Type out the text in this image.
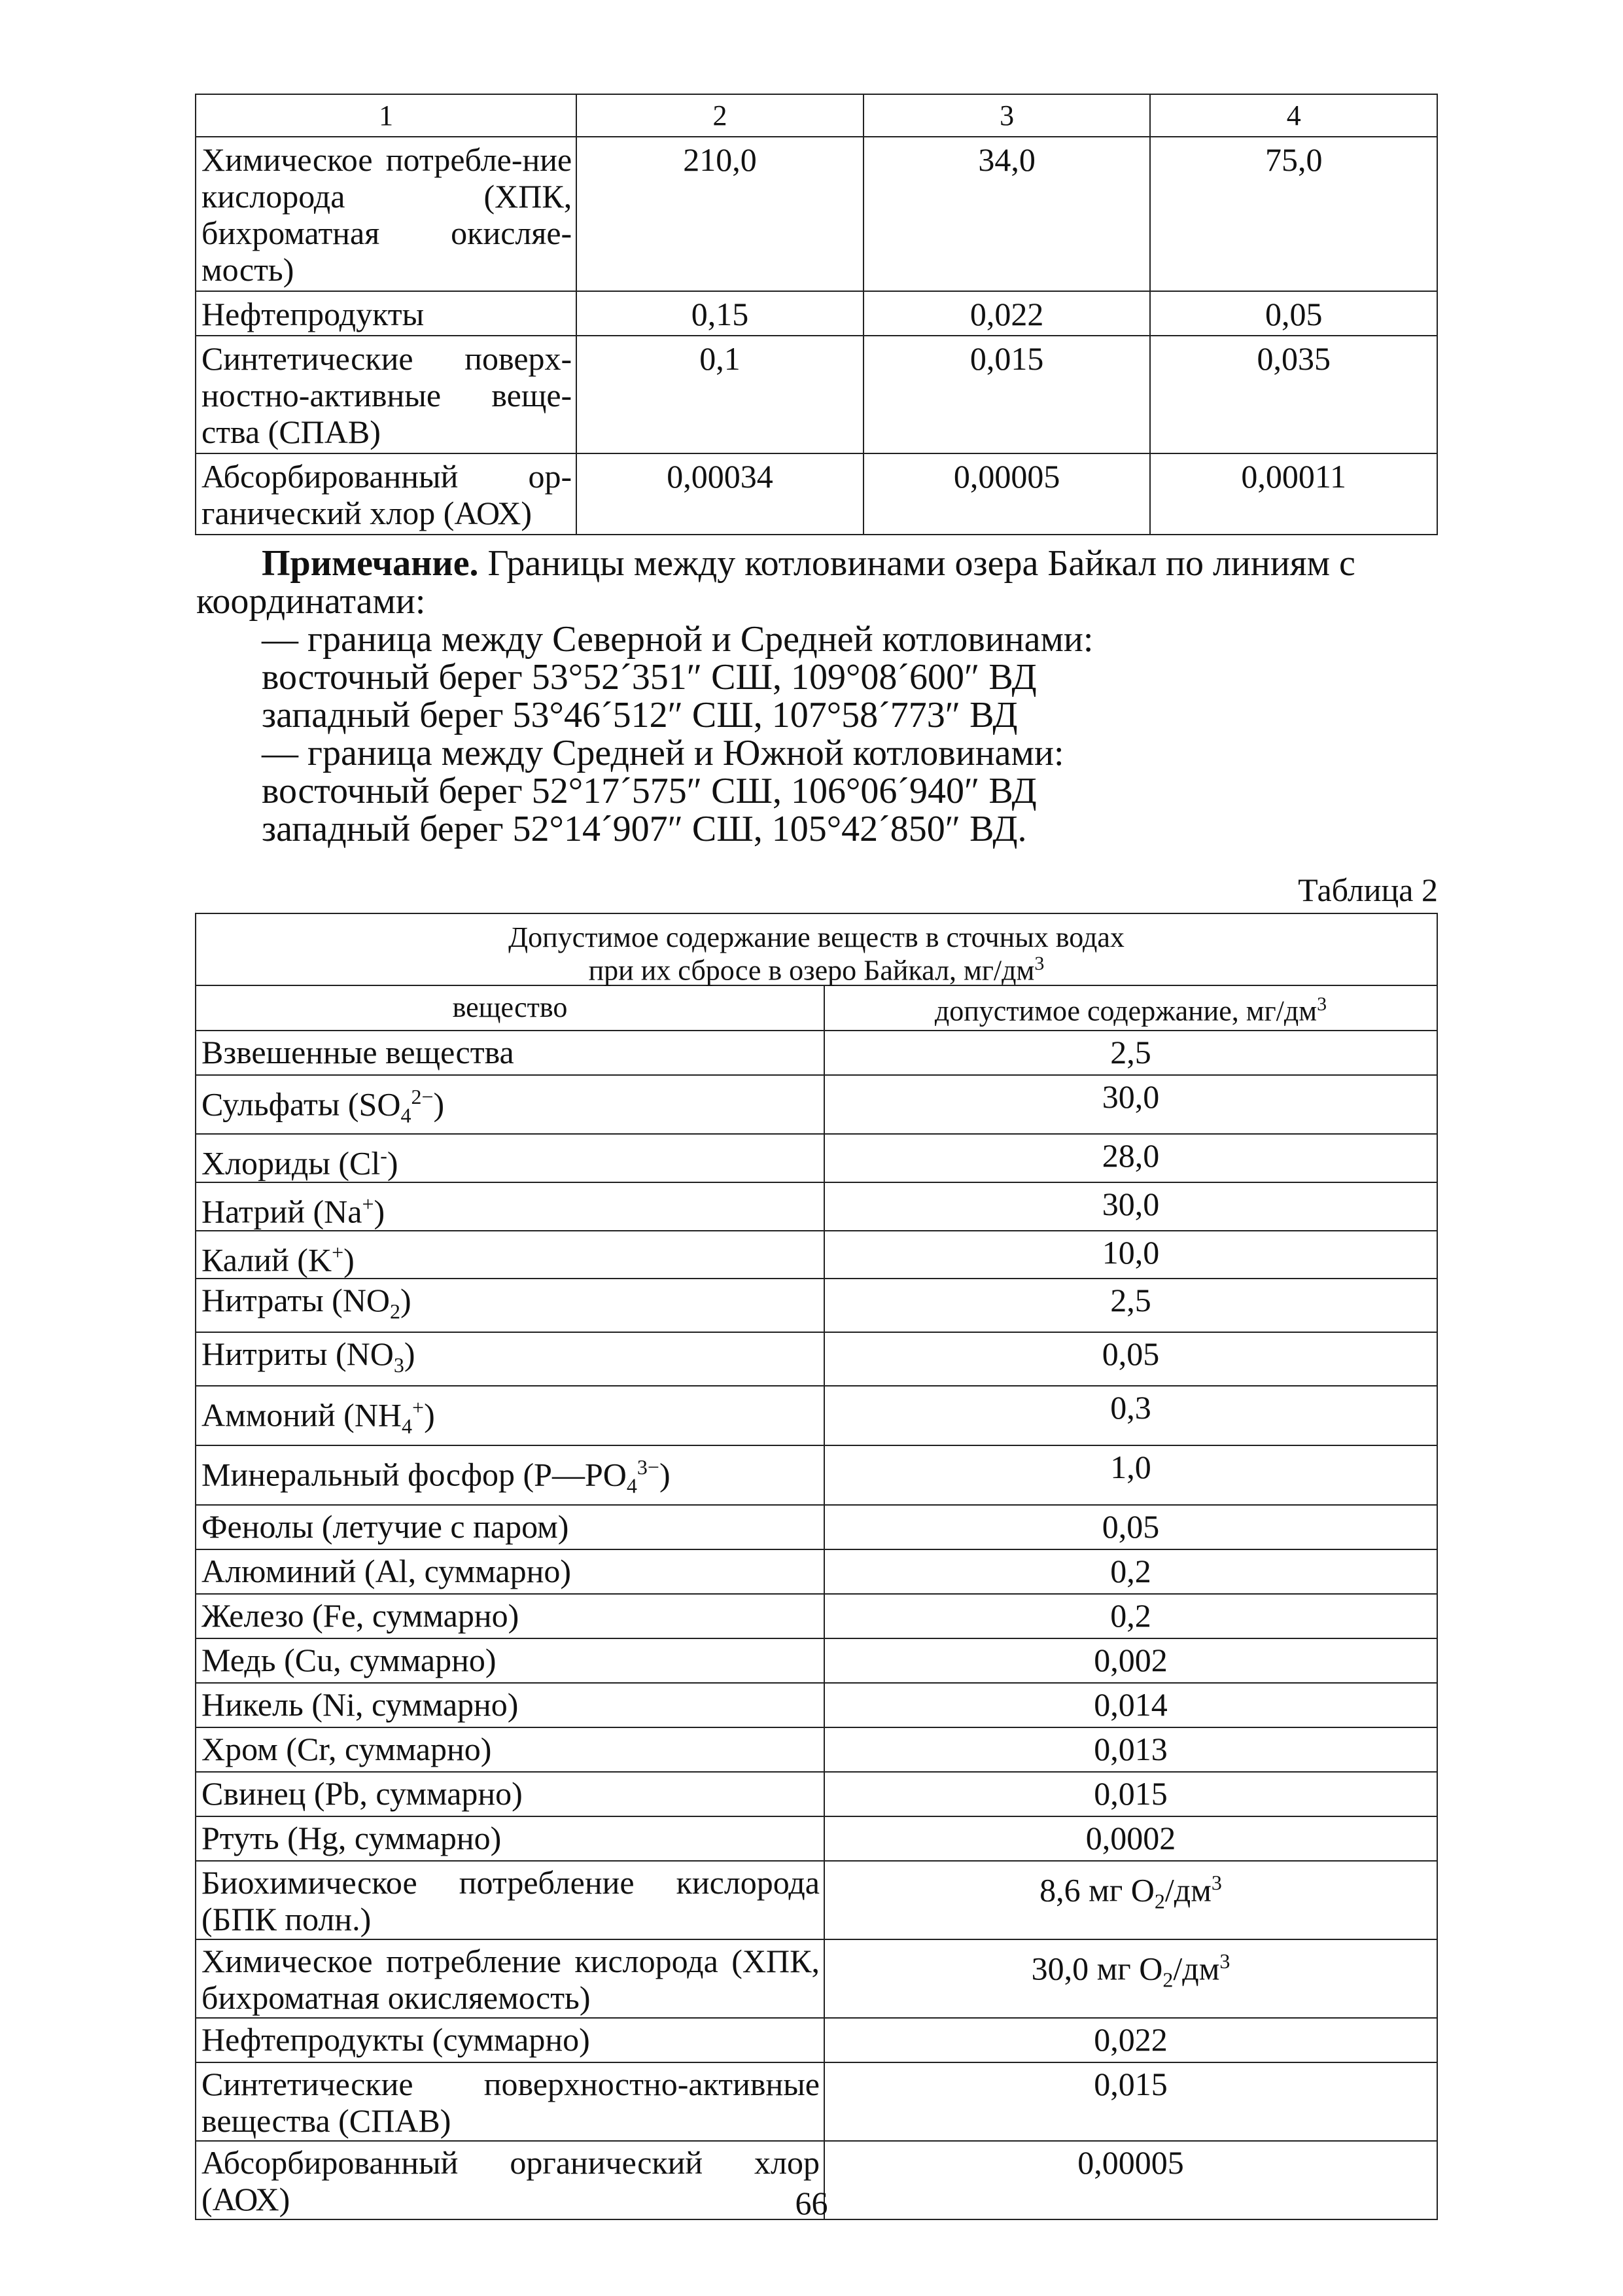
1	2	3	4
Химическое потребле-ние кислорода (ХПК, бихроматная окисляе-мость)	210,0	34,0	75,0
Нефтепродукты	0,15	0,022	0,05
Синтетические поверх-ностно-активные веще-ства (СПАВ)	0,1	0,015	0,035
Абсорбированный ор-ганический хлор (АОХ)	0,00034	0,00005	0,00011
Примечание. Границы между котловинами озера Байкал по линиям с
координатами:
— граница между Северной и Средней котловинами:
восточный берег 53°52´351″ СШ, 109°08´600″ ВД
западный берег 53°46´512″ СШ, 107°58´773″ ВД
— граница между Средней и Южной котловинами:
восточный берег 52°17´575″ СШ, 106°06´940″ ВД
западный берег 52°14´907″ СШ, 105°42´850″ ВД.
Таблица 2
Допустимое содержание веществ в сточных водах
при их сбросе в озеро Байкал, $мг/дм^3$

вещество	допустимое содержание, $мг/дм^3$
Взвешенные вещества	2,5
Сульфаты $(SO_4^{2-})$	30,0
Хлориды (Cl-)	28,0
Натрий (Na+)	30,0
Калий (K+)	10,0
Нитраты $(NO_2)$	2,5
Нитриты $(NO_3)$	0,05
Аммоний $(NH_4^+)$	0,3
Минеральный фосфор $(P—PO_4^{3-})$	1,0
Фенолы (летучие с паром)	0,05
Алюминий (Al, суммарно)	0,2
Железо (Fe, суммарно)	0,2
Медь (Cu, суммарно)	0,002
Никель (Ni, суммарно)	0,014
Хром (Cr, суммарно)	0,013
Свинец (Pb, суммарно)	0,015
Ртуть (Hg, суммарно)	0,0002
Биохимическое потребление кислорода (БПК полн.)	8,6 мг $O_2/дм^3$
Химическое потребление кислорода (ХПК, бихроматная окисляемость)	30,0 мг $O_2/дм^3$
Нефтепродукты (суммарно)	0,022
Синтетические поверхностно-активные вещества (СПАВ)	0,015
Абсорбированный органический хлор (АОХ)	0,00005
66
